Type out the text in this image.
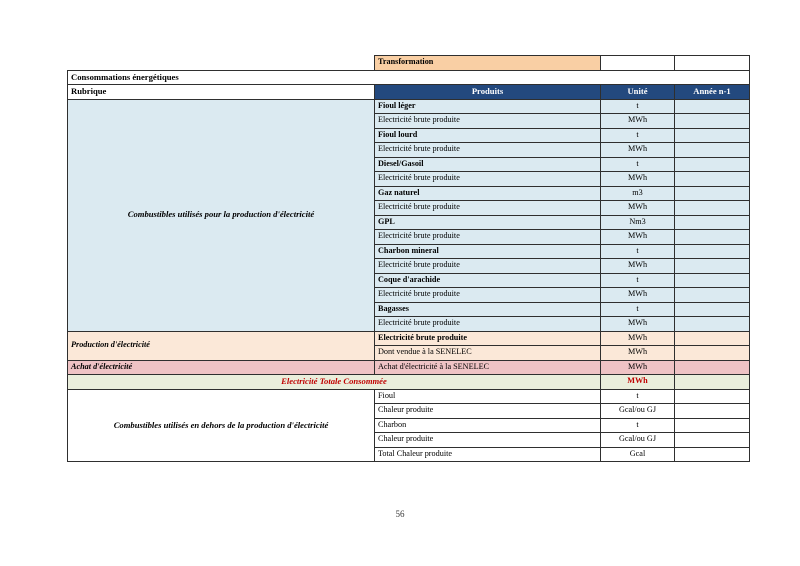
	Transformation		
Consommations énergétiques			
Rubrique	Produits	Unité	Année n-1
Combustibles utilisés pour la production d'électricité	Fioul léger	t	
	Electricité brute produite	MWh	
	Fioul lourd	t	
	Electricité brute produite	MWh	
	Diesel/Gasoil	t	
	Electricité brute produite	MWh	
	Gaz naturel	m3	
	Electricité brute produite	MWh	
	GPL	Nm3	
	Electricité brute produite	MWh	
	Charbon mineral	t	
	Electricité brute produite	MWh	
	Coque d'arachide	t	
	Electricité brute produite	MWh	
	Bagasses	t	
	Electricité brute produite	MWh	
Production d'électricité	Electricité brute produite	MWh	
	Dont vendue à la SENELEC	MWh	
Achat d'électricité	Achat d'électricité à la SENELEC	MWh	
Electricité Totale Consommée		MWh	
Combustibles utilisés en dehors de la production d'électricité	Fioul	t	
	Chaleur produite	Gcal/ou GJ	
	Charbon	t	
	Chaleur produite	Gcal/ou GJ	
	Total Chaleur produite	Gcal	
56
